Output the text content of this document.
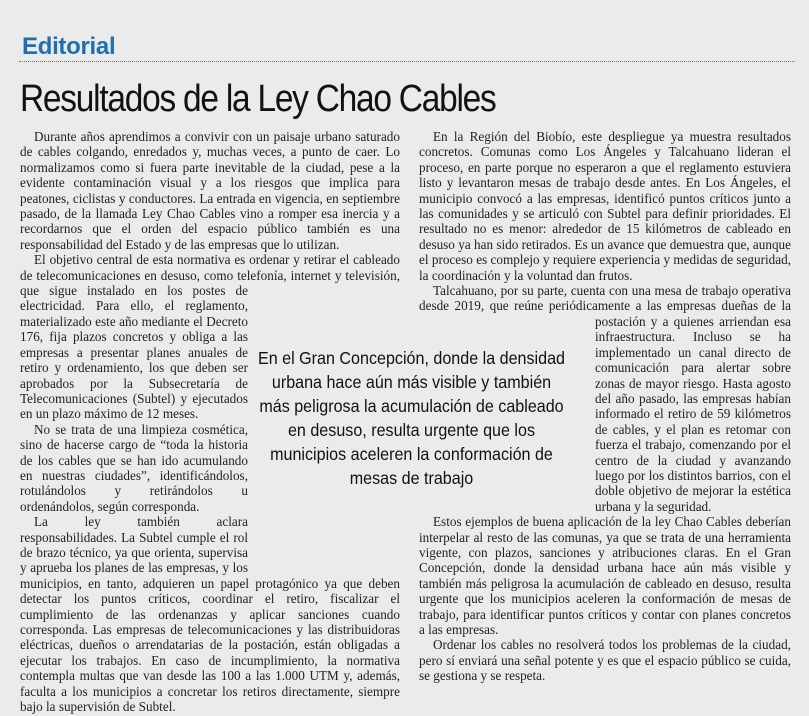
Editorial
Resultados de la Ley Chao Cables

Durante años aprendimos a convivir con un paisaje urbano saturado de cables colgando, enredados y, muchas veces, a punto de caer. Lo normalizamos como si fuera parte inevitable de la ciudad, pese a la evidente contaminación visual y a los riesgos que implica para peatones, ciclistas y conductores. La entrada en vigencia, en septiembre pasado, de la llamada Ley Chao Cables vino a romper esa inercia y a recordarnos que el orden del espacio público también es una responsabilidad del Estado y de las empresas que lo utilizan.

El objetivo central de esta normativa es ordenar y retirar el cableado de telecomunicaciones en desuso, como telefonía, internet y televisión, que sigue instalado en los postes de electricidad. Para ello, el reglamento, materializado este año mediante el Decreto 176, fija plazos concretos y obliga a las empresas a presentar planes anuales de retiro y ordenamiento, los que deben ser aprobados por la Subsecretaría de Telecomunicaciones (Subtel) y ejecutados en un plazo máximo de 12 meses.

No se trata de una limpieza cosmética, sino de hacerse cargo de “toda la historia de los cables que se han ido acumulando en nuestras ciudades”, identificándolos, rotulándolos y retirándolos u ordenándolos, según corresponda.

La ley también aclara responsabilidades. La Subtel cumple el rol de brazo técnico, ya que orienta, supervisa y aprueba los planes de las empresas, y los municipios, en tanto, adquieren un papel protagónico ya que deben detectar los puntos críticos, coordinar el retiro, fiscalizar el cumplimiento de las ordenanzas y aplicar sanciones cuando corresponda. Las empresas de telecomunicaciones y las distribuidoras eléctricas, dueños o arrendatarias de la postación, están obligadas a ejecutar los trabajos. En caso de incumplimiento, la normativa contempla multas que van desde las 100 a las 1.000 UTM y, además, faculta a los municipios a concretar los retiros directamente, siempre bajo la supervisión de Subtel.

En la Región del Biobío, este despliegue ya muestra resultados concretos. Comunas como Los Ángeles y Talcahuano lideran el proceso, en parte porque no esperaron a que el reglamento estuviera listo y levantaron mesas de trabajo desde antes. En Los Ángeles, el municipio convocó a las empresas, identificó puntos críticos junto a las comunidades y se articuló con Subtel para definir prioridades. El resultado no es menor: alrededor de 15 kilómetros de cableado en desuso ya han sido retirados. Es un avance que demuestra que, aunque el proceso es complejo y requiere experiencia y medidas de seguridad, la coordinación y la voluntad dan frutos.

Talcahuano, por su parte, cuenta con una mesa de trabajo operativa desde 2019, que reúne periódicamente a las empresas dueñas de la postación y a quienes arriendan esa infraestructura. Incluso se ha implementado un canal directo de comunicación para alertar sobre zonas de mayor riesgo. Hasta agosto del año pasado, las empresas habían informado el retiro de 59 kilómetros de cables, y el plan es retomar con fuerza el trabajo, comenzando por el centro de la ciudad y avanzando luego por los distintos barrios, con el doble objetivo de mejorar la estética urbana y la seguridad.

Estos ejemplos de buena aplicación de la ley Chao Cables deberían interpelar al resto de las comunas, ya que se trata de una herramienta vigente, con plazos, sanciones y atribuciones claras. En el Gran Concepción, donde la densidad urbana hace aún más visible y también más peligrosa la acumulación de cableado en desuso, resulta urgente que los municipios aceleren la conformación de mesas de trabajo, para identificar puntos críticos y contar con planes concretos a las empresas.

Ordenar los cables no resolverá todos los problemas de la ciudad, pero sí enviará una señal potente y es que el espacio público se cuida, se gestiona y se respeta.

En el Gran Concepción, donde la densidad urbana hace aún más visible y también más peligrosa la acumulación de cableado en desuso, resulta urgente que los municipios aceleren la conformación de mesas de trabajo
